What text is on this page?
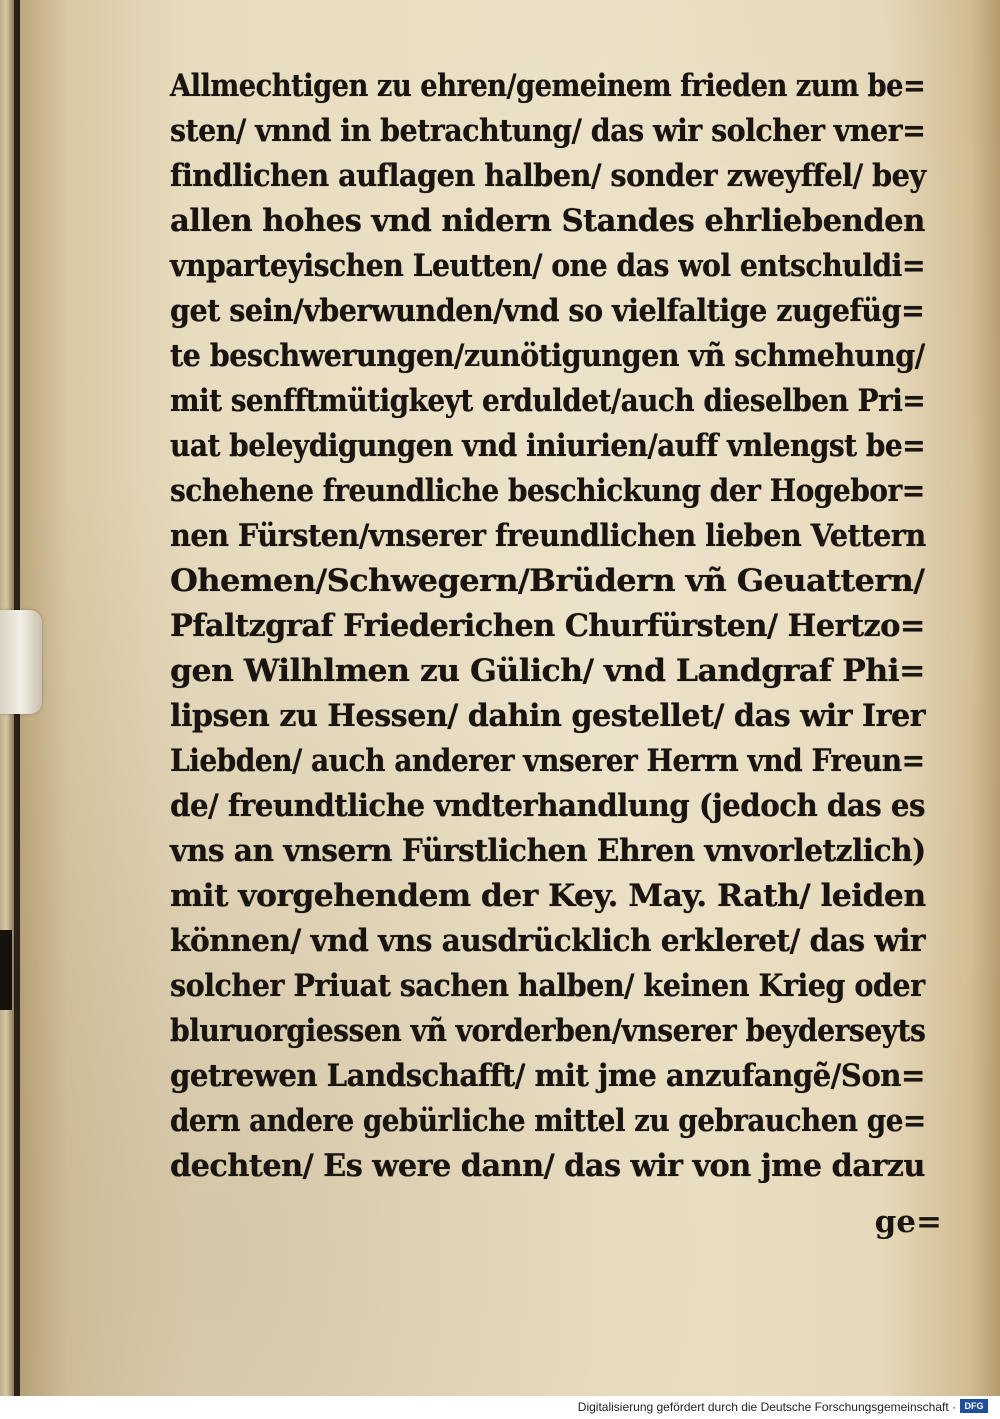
Allmechtigen zu ehren/gemeinem frieden zum be=
sten/ vnnd in betrachtung/ das wir solcher vner=
findlichen auflagen halben/ sonder zweyffel/ bey
allen hohes vnd nidern Standes ehrliebenden
vnparteyischen Leutten/ one das wol entschuldi=
get sein/vberwunden/vnd so vielfaltige zugefüg=
te beschwerungen/zunötigungen vñ schmehung/
mit senfftmütigkeyt erduldet/auch dieselben Pri=
uat beleydigungen vnd iniurien/auff vnlengst be=
schehene freundliche beschickung der Hogebor=
nen Fürsten/vnserer freundlichen lieben Vettern
Ohemen/Schwegern/Brüdern vñ Geuattern/
Pfaltzgraf Friederichen Churfürsten/ Hertzo=
gen Wilhlmen zu Gülich/ vnd Landgraf Phi=
lipsen zu Hessen/ dahin gestellet/ das wir Irer
Liebden/ auch anderer vnserer Herrn vnd Freun=
de/ freundtliche vndterhandlung (jedoch das es
vns an vnsern Fürstlichen Ehren vnvorletzlich)
mit vorgehendem der Key. May. Rath/ leiden
können/ vnd vns ausdrücklich erkleret/ das wir
solcher Priuat sachen halben/ keinen Krieg oder
bluruorgiessen vñ vorderben/vnserer beyderseyts
getrewen Landschafft/ mit jme anzufangẽ/Son=
dern andere gebürliche mittel zu gebrauchen ge=
dechten/ Es were dann/ das wir von jme darzu
ge=
Digitalisierung gefördert durch die Deutsche Forschungsgemeinschaft · DFG
